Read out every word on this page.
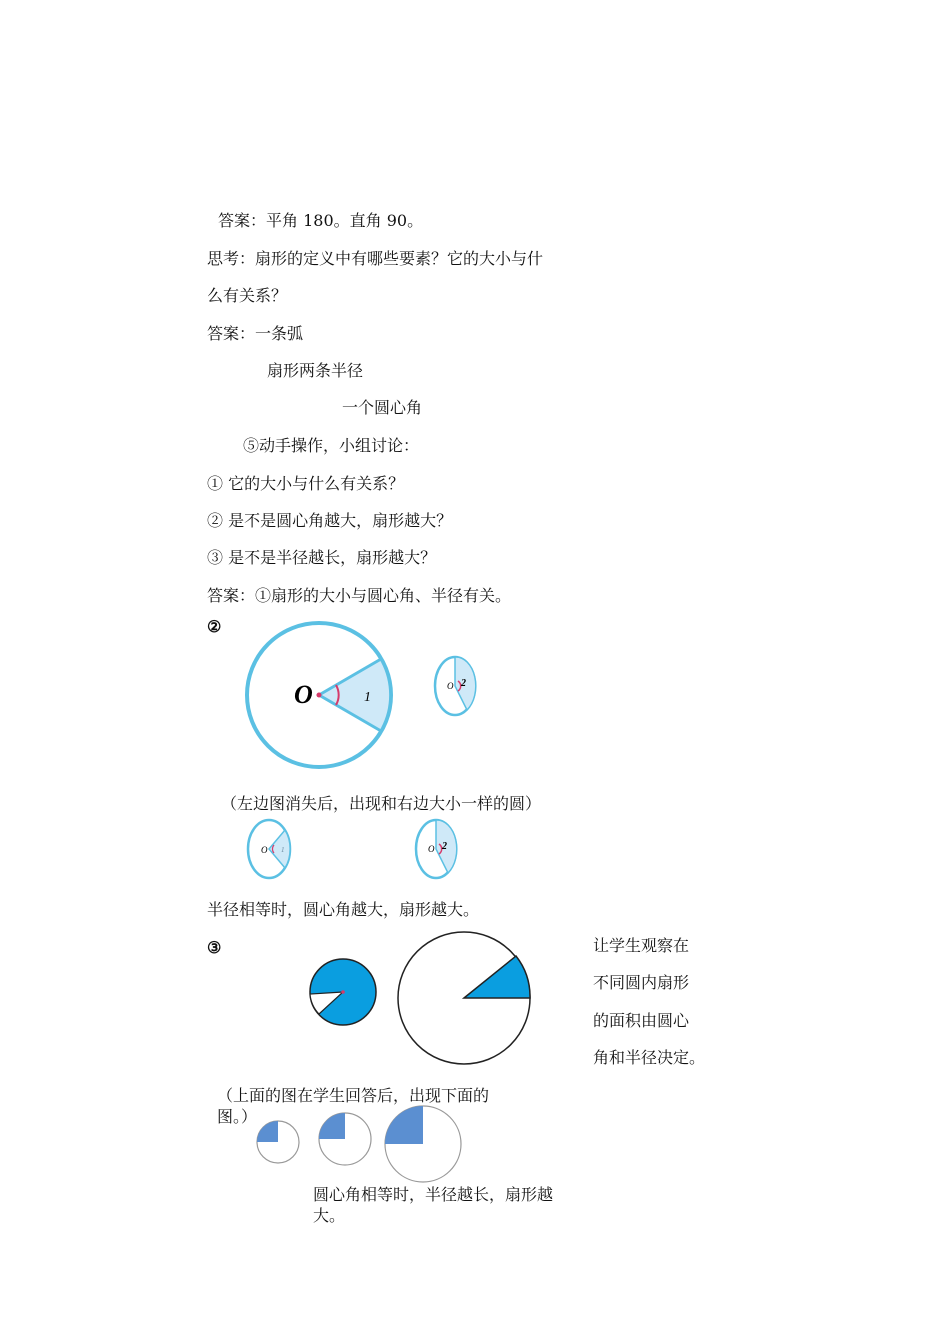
答案：平角 180。直角 90。
思考：扇形的定义中有哪些要素？它的大小与什
么有关系？
答案：一条弧
扇形两条半径
一个圆心角
⑤动手操作，小组讨论：
① 它的大小与什么有关系？
② 是不是圆心角越大，扇形越大？
③ 是不是半径越长，扇形越大？
答案：①扇形的大小与圆心角、半径有关。
②
O	1
O 2
（左边图消失后，出现和右边大小一样的圆）
O 1	O 2
半径相等时，圆心角越大，扇形越大。
③	让学生观察在
不同圆内扇形
的面积由圆心
角和半径决定。
（上面的图在学生回答后，出现下面的
图。）
圆心角相等时，半径越长，扇形越
大。
